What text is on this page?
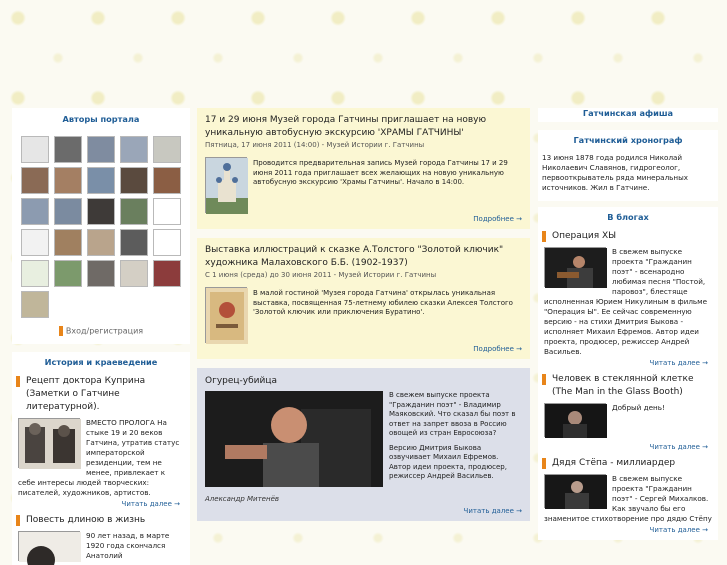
Авторы портала
Вход/регистрация
История и краеведение
Рецепт доктора Куприна (Заметки о Гатчине литературной).
ВМЕСТО ПРОЛОГА На стыке 19 и 20 веков Гатчина, утратив статус императорской резиденции, тем не менее, привлекает к себе интересы людей творческих: писателей, художников, артистов.
Читать далее →
Повесть длиною в жизнь
90 лет назад, в марте 1920 года скончался Анатолий
17 и 29 июня Музей города Гатчины приглашает на новую уникальную автобусную экскурсию 'ХРАМЫ ГАТЧИНЫ'
Пятница, 17 июня 2011 (14:00) - Музей Истории г. Гатчины
Проводится предварительная запись Музей города Гатчины 17 и 29 июня 2011 года приглашает всех желающих на новую уникальную автобусную экскурсию 'Храмы Гатчины'. Начало в 14:00.
Подробнее →
Выставка иллюстраций к сказке А.Толстого "Золотой ключик" художника Малаховского Б.Б. (1902-1937)
С 1 июня (среда) до 30 июня 2011 - Музей Истории г. Гатчины
В малой гостиной 'Музея города Гатчина' открылась уникальная выставка, посвященная 75-летнему юбилею сказки Алексея Толстого 'Золотой ключик или приключения Буратино'.
Подробнее →
Огурец-убийца

В свежем выпуске проекта "Гражданин поэт" - Владимир Маяковский. Что сказал бы поэт в ответ на запрет ввоза в Россию овощей из стран Евросоюза?

Версию Дмитрия Быкова озвучивает Михаил Ефремов. Автор идеи проекта, продюсер, режиссер Андрей Васильев.

Александр Митенёв
Читать далее →
Гатчинская афиша
Гатчинский хронограф
13 июня 1878 года родился Николай Николаевич Славянов, гидрогеолог, первооткрыватель ряда минеральных источников. Жил в Гатчине.
В блогах
Операция ХЫ
В свежем выпуске проекта "Гражданин поэт" - всенародно любимая песня "Постой, паровоз", блестяще исполненная Юрием Никулиным в фильме "Операция Ы". Ее сейчас современную версию - на стихи Дмитрия Быкова - исполняет Михаил Ефремов. Автор идеи проекта, продюсер, режиссер Андрей Васильев.
Читать далее →
Человек в стеклянной клетке (The Man in the Glass Booth)
Добрый день!
Читать далее →
Дядя Стёпа - миллиардер
В свежем выпуске проекта "Гражданин поэт" - Сергей Михалков. Как звучало бы его знаменитое стихотворение про дядю Стёпу
Читать далее →
